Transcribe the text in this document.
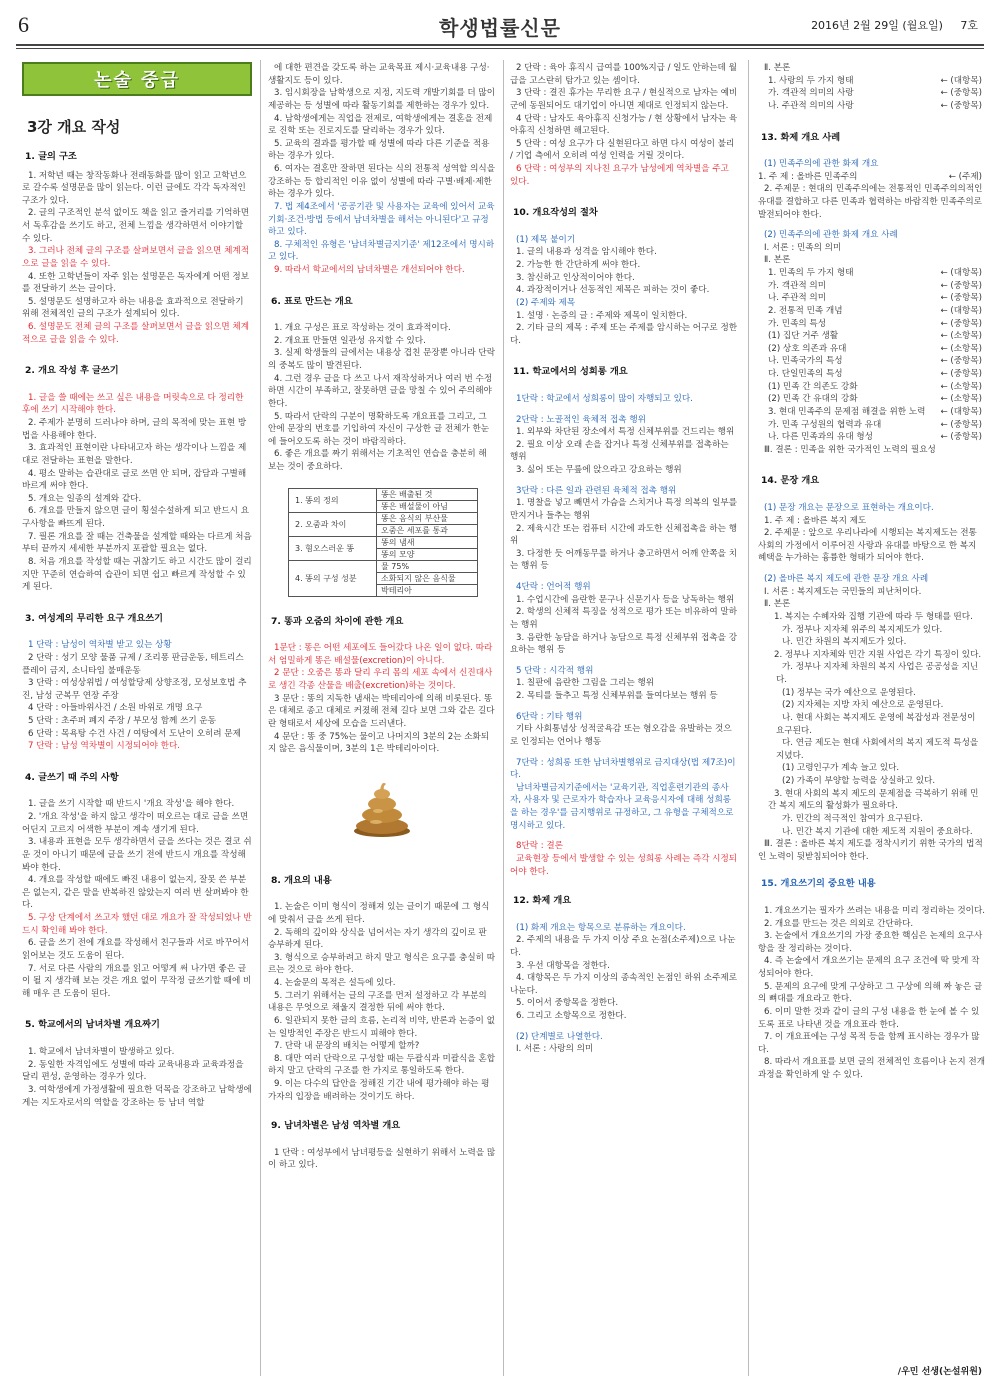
6	학생법률신문	2016년 2월 29일 (월요일) 7호
논술 중급
3강 개요 작성
1. 글의 구조

1. 저학년 때는 창작동화나 전래동화를 많이 읽고 고학년으로 갈수록 설명문을 많이 읽는다. 이런 글에도 각각 독자적인 구조가 있다.

2. 글의 구조적인 분석 없이도 책을 읽고 즐거리를 기억하면서 독후감을 쓰기도 하고, 전체 느낌을 생각하면서 이야기할 수 있다.

3. 그러나 전체 글의 구조를 살펴보면서 글을 읽으면 체계적으로 글을 읽을 수 있다.

4. 또한 고학년들이 자주 읽는 설명문은 독자에게 어떤 정보를 전달하기 쓰는 글이다.

5. 설명문도 설명하고자 하는 내용을 효과적으로 전달하기 위해 전체적인 글의 구조가 설계되어 있다.

6. 설명문도 전체 글의 구조를 살펴보면서 글을 읽으면 체계적으로 글을 읽을 수 있다.

2. 개요 작성 후 글쓰기

1. 글을 쓸 때에는 쓰고 싶은 내용을 머릿속으로 다 정리한 후에 쓰기 시작해야 한다.

2. 주제가 분명히 드러나야 하며, 글의 목적에 맞는 표현 방법을 사용해야 한다.

3. 효과적인 표현이란 나타내고자 하는 생각이나 느낌을 제대로 전달하는 표현을 말한다.

4. 평소 말하는 습관대로 글로 쓰면 안 되며, 잡담과 구별해 바르게 써야 한다.

5. 개요는 일종의 설계와 같다.

6. 개요를 만들지 않으면 글이 횡설수설하게 되고 반드시 요구사항을 빠뜨게 된다.

7. 필론 개요를 잘 때는 건축물을 설계할 때와는 다르게 처음부터 끝까지 세세한 부분까지 포괄할 필요는 없다.

8. 처음 개요를 작성할 때는 귀찮기도 하고 시간도 많이 걸리지만 꾸준히 연습하여 습관이 되면 쉽고 빠르게 작성할 수 있게 된다.

3. 여성계의 무리한 요구 개요쓰기

1 단락 : 남성이 역차별 받고 있는 상황

2 단락 : 성기 모양 물품 규제 / 조리퐁 판금운동, 테트리스 플레이 금지, 소니타임 불매운동

3 단락 : 여성상위법 / 여성할당제 상향조정, 모성보호법 추진, 남성 군복무 연장 주장

4 단락 : 아들바위사건 / 소원 바위로 개명 요구

5 단락 : 초주퍼 폐지 주장 / 부모성 함께 쓰기 운동

6 단락 : 목욕탕 수건 사건 / 여탕에서 도난이 오히려 문제

7 단락 : 남성 역차별이 시정되어야 한다.

4. 글쓰기 때 주의 사항

1. 글을 쓰기 시작할 때 반드시 '개요 작성'을 해야 한다.

2. '개요 작성'을 하지 않고 생각이 떠오르는 대로 글을 쓰면 어딘지 고르지 어색한 부분이 계속 생기게 된다.

3. 내용과 표현을 모두 생각하면서 글을 쓰다는 것은 결코 쉬운 것이 아니기 때문에 글을 쓰기 전에 반드시 개요를 작성해 봐야 한다.

4. 개요를 작성할 때에도 빠진 내용이 없는지, 잘못 쓴 부분은 없는지, 같은 말을 반복하진 않았는지 여러 번 살펴봐야 한다.

5. 구상 단계에서 쓰고자 했던 대로 개요가 잘 작성되었나 반드시 확인해 봐야 한다.

6. 글을 쓰기 전에 개요를 작성해서 친구들과 서로 바꾸어서 읽어보는 것도 도움이 된다.

7. 서로 다른 사람의 개요를 읽고 어떻게 써 나가면 좋은 글이 될 지 생각해 보는 것은 개요 없이 무작정 글쓰기할 때에 비해 매우 큰 도움이 된다.

5. 학교에서의 남녀차별 개요짜기

1. 학교에서 남녀차별이 발생하고 있다.

2. 동일한 자격임에도 성별에 따라 교육내용과 교육과정을 달리 편성, 운영하는 경우가 있다.

3. 여학생에게 가정생활에 필요한 덕목을 강조하고 남학생에게는 지도자로서의 역할을 강조하는 등 남녀 역할

에 대한 편견을 갖도록 하는 교육목표 제시·교육내용 구성·생활지도 등이 있다.

3. 임시회장을 남학생으로 지정, 지도력 개발기회를 더 많이 제공하는 등 성별에 따라 활동기회를 제한하는 경우가 있다.

4. 남학생에게는 직업을 전제로, 여학생에게는 결혼을 전제로 진학 또는 진로지도를 달리하는 경우가 있다.

5. 교육의 결과를 평가할 때 성별에 따라 다른 기준을 적용하는 경우가 있다.

6. 여자는 결혼만 잘하면 된다는 식의 전통적 성역할 의식을 강조하는 등 합리적인 이유 없이 성별에 따라 구별·배제·제한하는 경우가 있다.

7. 법 제4조에서 '공공기관 및 사용자는 교육에 있어서 교육기회·조건·방법 등에서 남녀차별을 해서는 아니된다'고 규정하고 있다.

8. 구체적인 유형은 '남녀차별금지기준' 제12조에서 명시하고 있다.

9. 따라서 학교에서의 남녀차별은 개선되어야 한다.

6. 표로 만드는 개요

1. 개요 구성은 표로 작성하는 것이 효과적이다.

2. 개요표 만들면 일관성 유지할 수 있다.

3. 실제 학생들의 글에서는 내용상 겹친 문장뿐 아니라 단락의 중복도 많이 발견된다.

4. 그런 경우 글을 다 쓰고 나서 재작성하거나 여러 번 수정하면 시간이 부족하고, 잘못하면 글을 망칠 수 있어 주의해야 한다.

5. 따라서 단락의 구분이 명확하도록 개요표를 그리고, 그 안에 문장의 번호를 기입하여 자신이 구상한 글 전체가 한눈에 들어오도록 하는 것이 바람직하다.

6. 좋은 개요를 짜기 위해서는 기초적인 연습을 충분히 해 보는 것이 중요하다.

1. 똥의 정의	똥은 배출된 것
	똥은 배설물이 아님
2. 오줌과 차이	똥은 음식의 부산물
	오줌은 세포를 통과
3. 혐오스러운 똥	똥의 냄새
	똥의 모양
4. 똥의 구성 성분	물 75%
	소화되지 않은 음식물
	박테리아
7. 똥과 오줌의 차이에 관한 개요

1문단 : 똥은 어떤 세포에도 들어갔다 나온 일이 없다. 따라서 엄밀하게 똥은 배설물(excretion)이 아니다.

2 문단 : 오줌은 똥과 달리 우리 몸의 세포 속에서 신진대사로 생긴 각종 산물을 배출(excretion)하는 것이다.

3 문단 : 똥의 지독한 냄새는 박테리아에 의해 비롯된다. 똥은 대체로 종고 대체로 커졌해 전체 길다 보면 그와 같은 길다란 형태로서 세상에 모습을 드러낸다.

4 문단 : 똥 중 75%는 물이고 나머지의 3분의 2는 소화되지 않은 음식물이며, 3분의 1은 박테리아이다.

8. 개요의 내용

1. 논술은 이미 형식이 정해져 있는 글이기 때문에 그 형식에 맞춰서 글을 쓰게 된다.

2. 독해의 깊이와 상식을 넘어서는 자기 생각의 깊이로 판 승부하게 된다.

3. 형식으로 승부하려고 하지 말고 형식은 요구를 충실히 따르는 것으로 하야 한다.

4. 논술문의 목적은 설득에 있다.

5. 그러기 위해서는 글의 구조를 먼저 설정하고 각 부분의 내용은 무엇으로 채울지 결정한 뒤에 써야 한다.

6. 일관되지 못한 글의 흐름, 논리적 비약, 반론과 논증이 없는 일방적인 주장은 반드시 피해야 한다.

7. 단락 내 문장의 배치는 어떻게 할까?

8. 대만 여러 단락으로 구성할 때는 두괄식과 미괄식을 혼합하지 말고 단락의 구조를 한 가지로 통일하도록 한다.

9. 이는 다수의 답안을 정해진 기간 내에 평가해야 하는 평가자의 입장을 배려하는 것이기도 하다.

9. 남녀차별은 남성 역차별 개요

1 단락 : 여성부에서 남녀평등을 실현하기 위해서 노력을 많이 하고 있다.

2 단락 : 육아 휴직시 급여를 100%지급 / 일도 안하는데 월급을 고스란히 탐가고 있는 셈이다.

3 단락 : 결진 휴가는 무리한 요구 / 현실적으로 남자는 예비군에 동원되어도 대기업이 아니면 제대로 인정되지 않는다.

4 단락 : 남자도 육아휴직 신청가능 / 현 상황에서 남자는 육아휴직 신청하면 해고된다.

5 단락 : 여성 요구가 다 실현된다고 하면 다시 여성이 불리 / 기업 측에서 오히려 여성 인력을 거릴 것이다.

6 단락 : 여성부의 지나친 요구가 남성에게 역차별을 주고 있다.

10. 개요작성의 절차

(1) 제목 붙이기

1. 글의 내용과 성격을 암시해야 한다.

2. 가능한 한 간단하게 써야 한다.

3. 참신하고 인상적이어야 한다.

4. 과장적이거나 선동적인 제목은 피하는 것이 좋다.

(2) 주제와 제목

1. 설명 · 논증의 글 : 주제와 제목이 일치한다.

2. 기타 글의 제목 : 주제 또는 주제를 암시하는 어구로 정한다.

11. 학교에서의 성희롱 개요

1단락 : 학교에서 성희롱이 많이 자행되고 있다.

2단락 : 노골적인 육체적 접촉 행위

1. 외부와 차단된 장소에서 특정 신체부위를 건드리는 행위

2. 필요 이상 오래 손을 잡거나 특정 신체부위를 접촉하는 행위

3. 싫어 또는 무릎에 앉으라고 강요하는 행위

3단락 : 다른 일과 관련된 육체적 접촉 행위

1. 명찰을 넣고 빼면서 가슴을 스치거나 특정 의복의 일부를 만지거나 들추는 행위

2. 제육시간 또는 컴퓨터 시간에 과도한 신체접촉을 하는 행위

3. 다정한 듯 어깨동무를 하거나 충고하면서 어깨 안쪽을 치는 행위 등

4단락 : 언어적 행위

1. 수업시간에 음란한 문구나 신문기사 등을 낭독하는 행위

2. 학생의 신체적 특징을 성적으로 평가 또는 비유하여 말하는 행위

3. 음란한 농담을 하거나 농담으로 특정 신체부위 접촉을 강요하는 행위 등

5 단락 : 시각적 행위

1. 칠판에 음란한 그림을 그리는 행위

2. 목티를 들추고 특정 신체부위를 들여다보는 행위 등

6단락 : 기타 행위

기타 사회통념상 성적굴욕감 또는 혐오감을 유발하는 것으로 인정되는 언어나 행동

7단락 : 성희롱 또한 남녀차별행위로 금지대상(법 제7조)이다.

남녀차별금지기준에서는 '교육기관, 직업훈련기관의 종사자, 사용자 및 근로자가 학습자나 교육응시자에 대해 성희롱을 하는 경우'를 금지행위로 규정하고, 그 유형을 구체적으로 명시하고 있다.

8단락 : 결론

교육현장 등에서 발생할 수 있는 성희롱 사례는 즉각 시정되어야 한다.

12. 화제 개요

(1) 화제 개요는 항목으로 분류하는 개요이다.

2. 주제의 내용을 두 가지 이상 주요 논점(소주제)으로 나눈다.

3. 우선 대항목을 정한다.

4. 대항목은 두 가지 이상의 종속적인 논점인 하위 소주제로 나눈다.

5. 이어서 중항목을 정한다.

6. 그리고 소항목으로 정한다.

(2) 단계별로 나열한다.

Ⅰ. 서론 : 사랑의 의미

Ⅱ. 본론

1. 사랑의 두 가지 형태	← (대항목)
가. 객관적 의미의 사랑	← (중항목)
나. 주관적 의미의 사랑	← (중항목)
13. 화제 개요 사례

(1) 민족주의에 관한 화제 개요

1. 주 제 : 올바른 민족주의	← (주제)

2. 주제문 : 현대의 민족주의에는 전통적인 민족주의의적인 유대를 결합하고 다른 민족과 협력하는 바람직한 민족주의로 발전되어야 한다.

(2) 민족주의에 관한 화제 개요 사례

Ⅰ. 서론 : 민족의 의미

Ⅱ. 본론

1. 민족의 두 가지 형태	← (대항목)
가. 객관적 의미	← (중항목)
나. 주관적 의미	← (중항목)
2. 전통적 민족 개념	← (대항목)
가. 민족의 특성	← (중항목)
(1) 집단 거주 생활	← (소항목)
(2) 상호 의존과 유대	← (소항목)
나. 민족국가의 특성	← (중항목)
다. 단일민족의 특성	← (중항목)
(1) 민족 간 의존도 강화	← (소항목)
(2) 민족 간 유대의 강화	← (소항목)
3. 현대 민족주의 문제점 해결을 위한 노력 ← (대항목)
가. 민족 구성원의 협력과 유대	← (중항목)
나. 다른 민족과의 유대 형성	← (중항목)

Ⅲ. 결론 : 민족을 위한 국가적인 노력의 필요성

14. 문장 개요

(1) 문장 개요는 문장으로 표현하는 개요이다.

1. 주 제 : 올바른 복지 제도

2. 주제문 : 앞으로 우리나라에 시행되는 복지제도는 전통 사회의 가정에서 이루어진 사랑과 유대를 바탕으로 한 복지 혜택을 누가하는 흉륭한 형태가 되어야 한다.

(2) 올바른 복지 제도에 관한 문장 개요 사례

Ⅰ. 서론 : 복지제도는 국민들의 피난처이다.

Ⅱ. 본론

1. 복지는 수혜자와 집행 기관에 따라 두 형태를 띤다.

가. 정부나 지자체 위주의 복지제도가 있다.

나. 민간 차원의 복지제도가 있다.

2. 정부나 지자체와 민간 지원 사업은 각기 특징이 있다.

가. 정부나 지자체 차원의 복지 사업은 공공성을 지닌다.

(1) 정부는 국가 예산으로 운영된다.

(2) 지자체는 지방 자치 예산으로 운영된다.

나. 현대 사회는 복지제도 운영에 복잡성과 전문성이 요구된다.

다. 연금 제도는 현대 사회에서의 복지 제도적 특성을 지녔다.

(1) 고령인구가 계속 늘고 있다.

(2) 가족이 부양할 능력을 상실하고 있다.

3. 현대 사회의 복지 제도의 문제점을 극복하기 위해 민간 복지 제도의 활성화가 필요하다.

가. 민간의 적극적인 참여가 요구된다.

나. 민간 복지 기관에 대한 제도적 지원이 중요하다.

Ⅲ. 결론 : 올바른 복지 제도를 정착시키기 위한 국가의 법적인 노력이 뒷받침되어야 한다.

15. 개요쓰기의 중요한 내용

1. 개요쓰기는 필자가 쓰려는 내용을 미리 정리하는 것이다.

2. 개요를 만드는 것은 의외로 간단하다.

3. 논술에서 개요쓰기의 가장 중요한 핵심은 논제의 요구사항을 잘 정리하는 것이다.

4. 즉 논술에서 개요쓰기는 문제의 요구 조건에 딱 맞게 작성되어야 한다.

5. 문제의 요구에 맞게 구상하고 그 구상에 의해 짜 놓은 글의 뼈대를 개요라고 한다.

6. 이미 말한 것과 같이 글의 구성 내용을 한 눈에 볼 수 있도록 표로 나타낸 것을 개요표라 한다.

7. 이 개요표에는 구성 목적 등을 함께 표시하는 경우가 많다.

8. 따라서 개요표를 보면 글의 전체적인 흐름이나 논지 전개 과정을 확인하게 알 수 있다.

/우민 선생(논설위원)
